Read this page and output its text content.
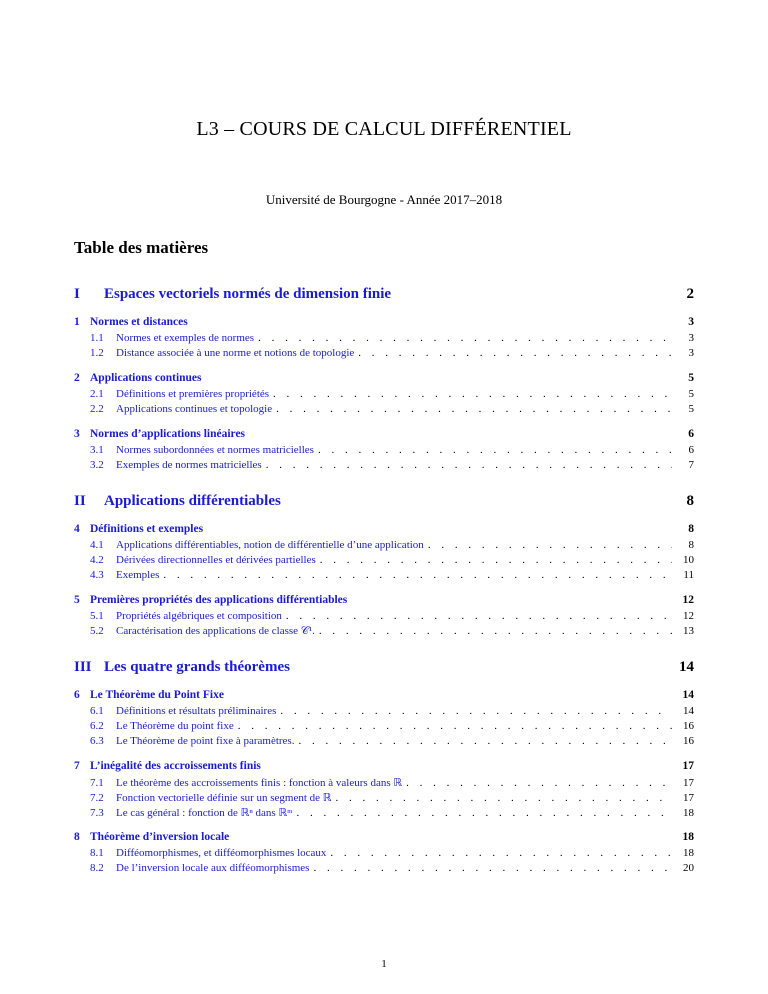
L3 – COURS DE CALCUL DIFFÉRENTIEL
Université de Bourgogne - Année 2017–2018
Table des matières
I Espaces vectoriels normés de dimension finie	2
1 Normes et distances	3
1.1	Normes et exemples de normes . . .	3
1.2	Distance associée à une norme et notions de topologie . . .	3
2 Applications continues	5
2.1	Définitions et premières propriétés . . .	5
2.2	Applications continues et topologie . . .	5
3 Normes d’applications linéaires	6
3.1	Normes subordonnées et normes matricielles . . .	6
3.2	Exemples de normes matricielles . . .	7
II Applications différentiables	8
4 Définitions et exemples	8
4.1	Applications différentiables, notion de différentielle d’une application . . .	8
4.2	Dérivées directionnelles et dérivées partielles . . .	10
4.3	Exemples . . .	11
5 Premières propriétés des applications différentiables	12
5.1	Propriétés algébriques et composition . . .	12
5.2	Caractérisation des applications de classe 𝒞¹. . . .	13
III Les quatre grands théorèmes	14
6 Le Théorème du Point Fixe	14
6.1	Définitions et résultats préliminaires . . .	14
6.2	Le Théorème du point fixe . . .	16
6.3	Le Théorème de point fixe à paramètres. . . .	16
7 L’inégalité des accroissements finis	17
7.1	Le théorème des accroissements finis : fonction à valeurs dans ℝ . . .	17
7.2	Fonction vectorielle définie sur un segment de ℝ . . .	17
7.3	Le cas général : fonction de ℝⁿ dans ℝᵐ . . .	18
8 Théorème d’inversion locale	18
8.1	Difféomorphismes, et difféomorphismes locaux . . .	18
8.2	De l’inversion locale aux difféomorphismes . . .	20
1
